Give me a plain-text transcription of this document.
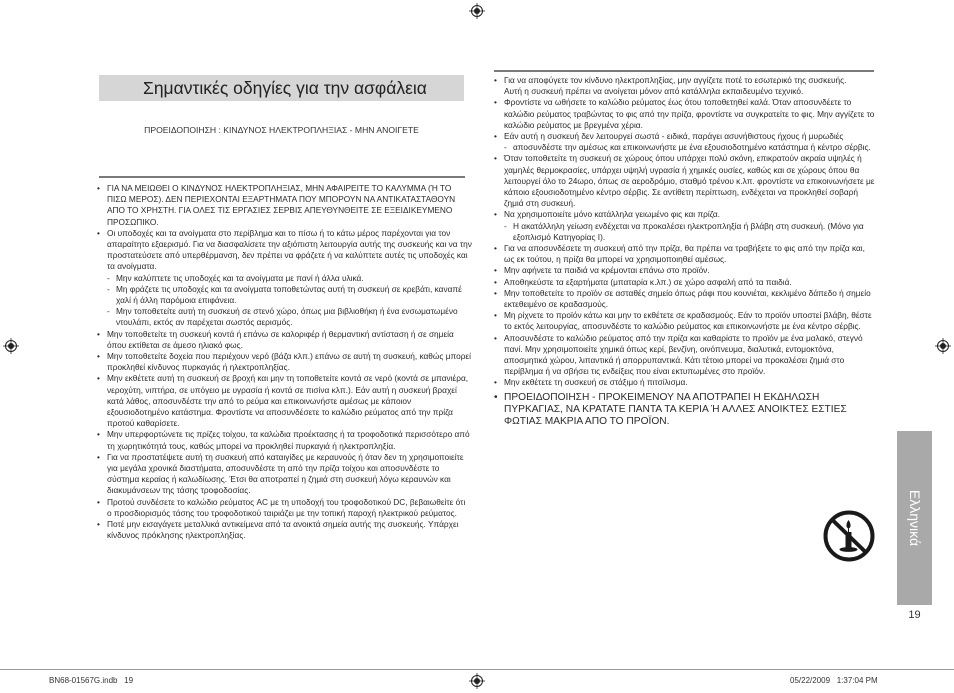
Σημαντικές οδηγίες για την ασφάλεια
ΠΡΟΕΙΔΟΠΟΙΗΣΗ : ΚΙΝΔΥΝΟΣ ΗΛΕΚΤΡΟΠΛΗΞΙΑΣ - ΜΗΝ ΑΝΟΙΓΕΤΕ
• ΓΙΑ ΝΑ ΜΕΙΩΘΕΙ Ο ΚΙΝΔΥΝΟΣ ΗΛΕΚΤΡΟΠΛΗΞΙΑΣ, ΜΗΝ ΑΦΑΙΡΕΙΤΕ ΤΟ ΚΑΛΥΜΜΑ (Ή ΤΟ ΠΙΣΩ ΜΕΡΟΣ). ΔΕΝ ΠΕΡΙΕΧΟΝΤΑΙ ΕΞΑΡΤΗΜΑΤΑ ΠΟΥ ΜΠΟΡΟΥΝ ΝΑ ΑΝΤΙΚΑΤΑΣΤΑΘΟΥΝ ΑΠΟ ΤΟ ΧΡΗΣΤΗ. ΓΙΑ ΟΛΕΣ ΤΙΣ ΕΡΓΑΣΙΕΣ ΣΕΡΒΙΣ ΑΠΕΥΘΥΝΘΕΙΤΕ ΣΕ ΕΞΕΙΔΙΚΕΥΜΕΝΟ ΠΡΟΣΩΠΙΚΟ.
• Οι υποδοχές και τα ανοίγματα στο περίβλημα και το πίσω ή το κάτω μέρος παρέχονται για τον απαραίτητο εξαερισμό. Για να διασφαλίσετε την αξιόπιστη λειτουργία αυτής της συσκευής και να την προστατεύσετε από υπερθέρμανση, δεν πρέπει να φράζετε ή να καλύπτετε αυτές τις υποδοχές και τα ανοίγματα.
- Μην καλύπτετε τις υποδοχές και τα ανοίγματα με πανί ή άλλα υλικά.
- Μη φράζετε τις υποδοχές και τα ανοίγματα τοποθετώντας αυτή τη συσκευή σε κρεβάτι, καναπέ χαλί ή άλλη παρόμοια επιφάνεια.
- Μην τοποθετείτε αυτή τη συσκευή σε στενό χώρο, όπως μια βιβλιοθήκη ή ένα ενσωματωμένο ντουλάπι, εκτός αν παρέχεται σωστός αερισμός.
• Μην τοποθετείτε τη συσκευή κοντά ή επάνω σε καλοριφέρ ή θερμαντική αντίσταση ή σε σημεία όπου εκτίθεται σε άμεσο ηλιακό φως.
• Μην τοποθετείτε δοχεία που περιέχουν νερό (βάζα κλπ.) επάνω σε αυτή τη συσκευή, καθώς μπορεί προκληθεί κίνδυνος πυρκαγιάς ή ηλεκτροπληξίας.
• Μην εκθέτετε αυτή τη συσκευή σε βροχή και μην τη τοποθετείτε κοντά σε νερό (κοντά σε μπανιέρα, νεροχύτη, νιπτήρα, σε υπόγειο με υγρασία ή κοντά σε πισίνα κλπ.). Εάν αυτή η συσκευή βραχεί κατά λάθος, αποσυνδέστε την από το ρεύμα και επικοινωνήστε αμέσως με κάποιον εξουσιοδοτημένο κατάστημα. Φροντίστε να αποσυνδέσετε το καλώδιο ρεύματος από την πρίζα προτού καθαρίσετε.
• Μην υπερφορτώνετε τις πρίζες τοίχου, τα καλώδια προέκτασης ή τα τροφοδοτικά περισσότερο από τη χωρητικότητά τους, καθώς μπορεί να προκληθεί πυρκαγιά ή ηλεκτροπληξία.
• Για να προστατέψετε αυτή τη συσκευή από καταιγίδες με κεραυνούς ή όταν δεν τη χρησιμοποιείτε για μεγάλα χρονικά διαστήματα, αποσυνδέστε τη από την πρίζα τοίχου και αποσυνδέστε το σύστημα κεραίας ή καλωδίωσης. Έτσι θα αποτραπεί η ζημιά στη συσκευή λόγω κεραυνών και διακυμάνσεων της τάσης τροφοδοσίας.
• Προτού συνδέσετε το καλώδιο ρεύματος AC με τη υποδοχή του τροφοδοτικού DC, βεβαιωθείτε ότι ο προσδιορισμός τάσης του τροφοδοτικού ταιριάζει με την τοπική παροχή ηλεκτρικού ρεύματος.
• Ποτέ μην εισαγάγετε μεταλλικά αντικείμενα από τα ανοικτά σημεία αυτής της συσκευής. Υπάρχει κίνδυνος πρόκλησης ηλεκτροπληξίας.
• Για να αποφύγετε τον κίνδυνο ηλεκτροπληξίας, μην αγγίζετε ποτέ το εσωτερικό της συσκευής.
Αυτή η συσκευή πρέπει να ανοίγεται μόνον από κατάλληλα εκπαιδευμένο τεχνικό.
• Φροντίστε να ωθήσετε το καλώδιο ρεύματος έως ότου τοποθετηθεί καλά. Όταν αποσυνδέετε το καλώδιο ρεύματος τραβώντας το φις από την πρίζα, φροντίστε να συγκρατείτε το φις. Μην αγγίζετε το καλώδιο ρεύματος με βρεγμένα χέρια.
• Εάν αυτή η συσκευή δεν λειτουργεί σωστά - ειδικά, παράγει ασυνήθιστους ήχους ή μυρωδιές
- αποσυνδέστε την αμέσως και επικοινωνήστε με ένα εξουσιοδοτημένο κατάστημα ή κέντρο σέρβις.
• Όταν τοποθετείτε τη συσκευή σε χώρους όπου υπάρχει πολύ σκόνη, επικρατούν ακραία υψηλές ή χαμηλές θερμοκρασίες, υπάρχει υψηλή υγρασία ή χημικές ουσίες, καθώς και σε χώρους όπου θα λειτουργεί όλο το 24ωρο, όπως σε αεροδρόμιο, σταθμό τρένου κ.λπ. φροντίστε να επικοινωνήσετε με κάποιο εξουσιοδοτημένο κέντρο σέρβις. Σε αντίθετη περίπτωση, ενδέχεται να προκληθεί σοβαρή ζημιά στη συσκευή.
• Να χρησιμοποιείτε μόνο κατάλληλα γειωμένο φις και πρίζα.
- Η ακατάλληλη γείωση ενδέχεται να προκαλέσει ηλεκτροπληξία ή βλάβη στη συσκευή. (Μόνο για εξοπλισμό Κατηγορίας I).
• Για να αποσυνδέσετε τη συσκευή από την πρίζα, θα πρέπει να τραβήξετε το φις από την πρίζα και, ως εκ τούτου, η πρίζα θα μπορεί να χρησιμοποιηθεί αμέσως.
• Μην αφήνετε τα παιδιά να κρέμονται επάνω στο προϊόν.
• Αποθηκεύστε τα εξαρτήματα (μπαταρία κ.λπ.) σε χώρο ασφαλή από τα παιδιά.
• Μην τοποθετείτε το προϊόν σε ασταθές σημείο όπως ράφι που κουνιέται, κεκλιμένο δάπεδο ή σημείο εκτεθειμένο σε κραδασμούς.
• Μη ρίχνετε το προϊόν κάτω και μην το εκθέτετε σε κραδασμούς. Εάν το προϊόν υποστεί βλάβη, θέστε το εκτός λειτουργίας, αποσυνδέστε το καλώδιο ρεύματος και επικοινωνήστε με ένα κέντρο σέρβις.
• Αποσυνδέστε το καλώδιο ρεύματος από την πρίζα και καθαρίστε το προϊόν με ένα μαλακό, στεγνό πανί. Μην χρησιμοποιείτε χημικά όπως κερί, βενζίνη, οινόπνευμα, διαλυτικά, εντομοκτόνα, αποσμητικά χώρου, λιπαντικά ή απορρυπαντικά. Κάτι τέτοιο μπορεί να προκαλέσει ζημιά στο περίβλημα ή να σβήσει τις ενδείξεις που είναι εκτυπωμένες στο προϊόν.
• Μην εκθέτετε τη συσκευή σε στάξιμο ή πιτσίλισμα.
• ΠΡΟΕΙΔΟΠΟΙΗΣΗ - ΠΡΟΚΕΙΜΕΝΟΥ ΝΑ ΑΠΟΤΡΑΠΕΙ Η ΕΚΔΗΛΩΣΗ ΠΥΡΚΑΓΙΑΣ, ΝΑ ΚΡΑΤΑΤΕ ΠΑΝΤΑ ΤΑ ΚΕΡΙΑ Ή ΑΛΛΕΣ ΑΝΟΙΚΤΕΣ ΕΣΤΙΕΣ ΦΩΤΙΑΣ ΜΑΚΡΙΑ ΑΠΟ ΤΟ ΠΡΟΪΟΝ.
Ελληνικά
19
BN68-01567G.indb 19	05/22/2009 1:37:04 PM
